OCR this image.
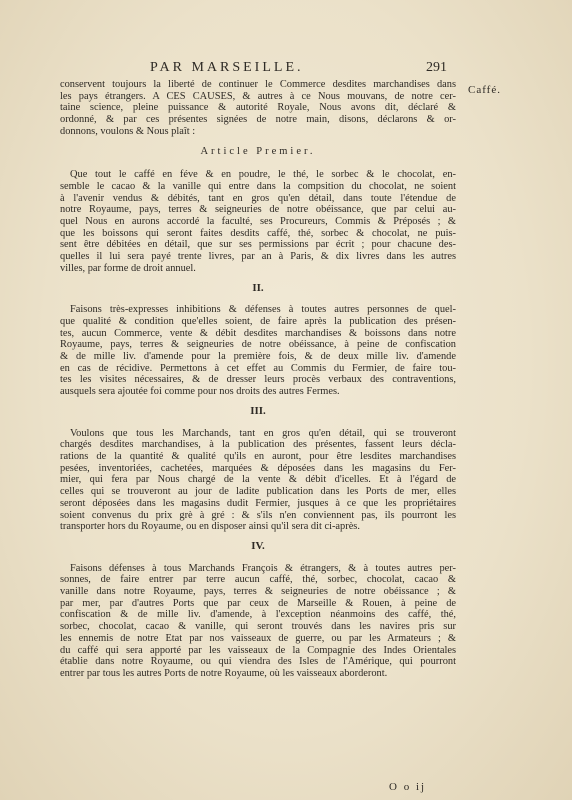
PAR MARSEILLE.	291
Caffé.
conservent toujours la liberté de continuer le Commerce desdites marchandises dans
les pays étrangers. A CES CAUSES, & autres à ce Nous mouvans, de notre cer-
taine science, pleine puissance & autorité Royale, Nous avons dit, déclaré &
ordonné, & par ces présentes signées de notre main, disons, déclarons & or-
donnons, voulons & Nous plaît :
Article Premier.
Que tout le caffé en féve & en poudre, le thé, le sorbec & le chocolat, en-
semble le cacao & la vanille qui entre dans la compsition du chocolat, ne soient
à l'avenir vendus & débités, tant en gros qu'en détail, dans toute l'étendue de
notre Royaume, pays, terres & seigneuries de notre obéissance, que par celui au-
quel Nous en aurons accordé la faculté, ses Procureurs, Commis & Préposés ; &
que les boissons qui seront faites desdits caffé, thé, sorbec & chocolat, ne puis-
sent être débitées en détail, que sur ses permissions par écrit ; pour chacune des-
quelles il lui sera payé trente livres, par an à Paris, & dix livres dans les autres
villes, par forme de droit annuel.
II.
Faisons très-expresses inhibitions & défenses à toutes autres personnes de quel-
que qualité & condition que'elles soient, de faire après la publication des présen-
tes, aucun Commerce, vente & débit desdites marchandises & boissons dans notre
Royaume, pays, terres & seigneuries de notre obéissance, à peine de confiscation
& de mille liv. d'amende pour la première fois, & de deux mille liv. d'amende
en cas de récidive. Permettons à cet effet au Commis du Fermier, de faire tou-
tes les visites nécessaires, & de dresser leurs procès verbaux des contraventions,
ausquels sera ajoutée foi comme pour nos droits des autres Fermes.
III.
Voulons que tous les Marchands, tant en gros qu'en détail, qui se trouveront
chargés desdites marchandises, à la publication des présentes, fassent leurs décla-
rations de la quantité & qualité qu'ils en auront, pour être lesdites marchandises
pesées, inventoriées, cachetées, marquées & déposées dans les magasins du Fer-
mier, qui fera par Nous chargé de la vente & débit d'icelles. Et à l'égard de
celles qui se trouveront au jour de ladite publication dans les Ports de mer, elles
seront déposées dans les magasins dudit Fermier, jusques à ce que les propriétaires
soient convenus du prix grè à gré : & s'ils n'en conviennent pas, ils pourront les
transporter hors du Royaume, ou en disposer ainsi qu'il sera dit ci-après.
IV.
Faisons défenses à tous Marchands François & étrangers, & à toutes autres per-
sonnes, de faire entrer par terre aucun caffé, thé, sorbec, chocolat, cacao &
vanille dans notre Royaume, pays, terres & seigneuries de notre obéissance ; &
par mer, par d'autres Ports que par ceux de Marseille & Rouen, à peine de
confiscation & de mille liv. d'amende, à l'exception néanmoins des caffé, thé,
sorbec, chocolat, cacao & vanille, qui seront trouvés dans les navires pris sur
les ennemis de notre Etat par nos vaisseaux de guerre, ou par les Armateurs ; &
du caffé qui sera apporté par les vaisseaux de la Compagnie des Indes Orientales
établie dans notre Royaume, ou qui viendra des Isles de l'Amérique, qui pourront
entrer par tous les autres Ports de notre Royaume, où les vaisseaux aborderont.
O o ij
